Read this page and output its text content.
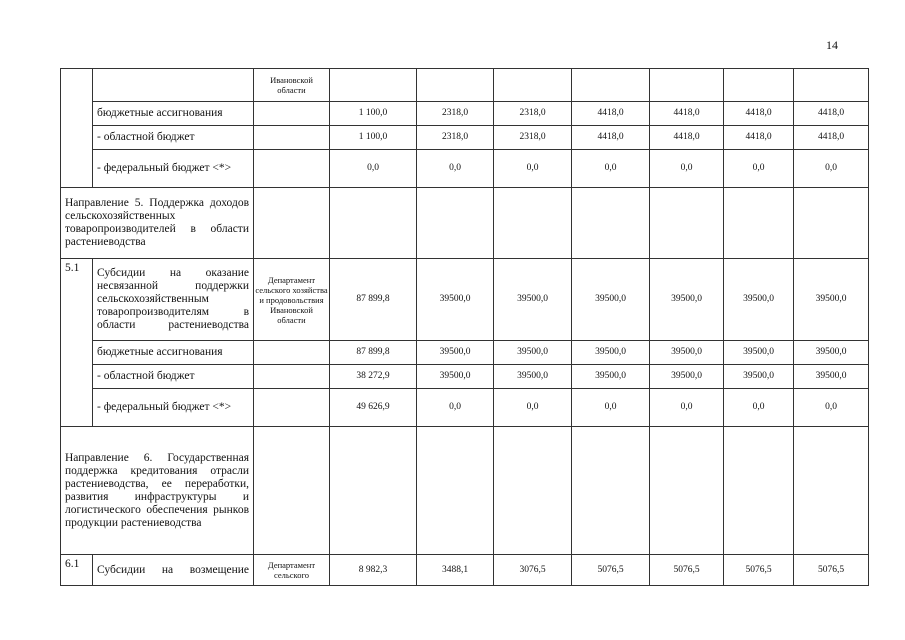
14
		Ивановской области							
	бюджетные ассигнования		1 100,0	2318,0	2318,0	4418,0	4418,0	4418,0	4418,0
	- областной бюджет		1 100,0	2318,0	2318,0	4418,0	4418,0	4418,0	4418,0
	- федеральный бюджет <*>		0,0	0,0	0,0	0,0	0,0	0,0	0,0
Направление 5. Поддержка доходов сельскохозяйственных товаропроизводителей в области растениеводства									
5.1	Субсидии на оказание несвязанной поддержки сельскохозяйственным товаропроизводителям в области растениеводства	Департамент сельского хозяйства и продовольствия Ивановской области	87 899,8	39500,0	39500,0	39500,0	39500,0	39500,0	39500,0
	бюджетные ассигнования		87 899,8	39500,0	39500,0	39500,0	39500,0	39500,0	39500,0
	- областной бюджет		38 272,9	39500,0	39500,0	39500,0	39500,0	39500,0	39500,0
	- федеральный бюджет <*>		49 626,9	0,0	0,0	0,0	0,0	0,0	0,0
Направление 6. Государственная поддержка кредитования отрасли растениеводства, ее переработки, развития инфраструктуры и логистического обеспечения рынков продукции растениеводства									
6.1	Субсидии на возмещение	Департамент сельского	8 982,3	3488,1	3076,5	5076,5	5076,5	5076,5	5076,5
